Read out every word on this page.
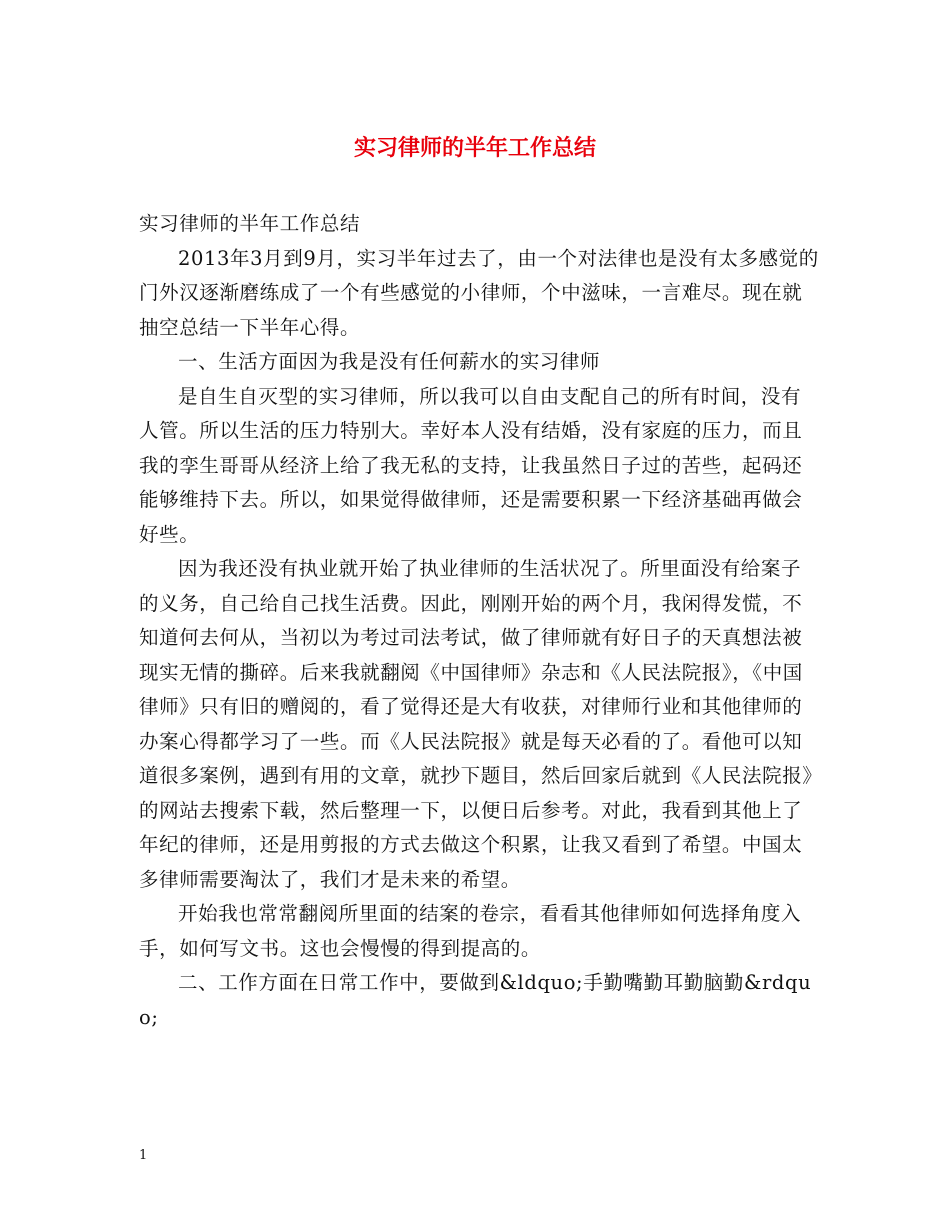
实习律师的半年工作总结

实习律师的半年工作总结

2013年3月到9月，实习半年过去了，由一个对法律也是没有太多感觉的门外汉逐渐磨练成了一个有些感觉的小律师，个中滋味，一言难尽。现在就抽空总结一下半年心得。

一、生活方面因为我是没有任何薪水的实习律师

是自生自灭型的实习律师，所以我可以自由支配自己的所有时间，没有人管。所以生活的压力特别大。幸好本人没有结婚，没有家庭的压力，而且我的孪生哥哥从经济上给了我无私的支持，让我虽然日子过的苦些，起码还能够维持下去。所以，如果觉得做律师，还是需要积累一下经济基础再做会好些。

因为我还没有执业就开始了执业律师的生活状况了。所里面没有给案子的义务，自己给自己找生活费。因此，刚刚开始的两个月，我闲得发慌，不知道何去何从，当初以为考过司法考试，做了律师就有好日子的天真想法被现实无情的撕碎。后来我就翻阅《中国律师》杂志和《人民法院报》，《中国律师》只有旧的赠阅的，看了觉得还是大有收获，对律师行业和其他律师的办案心得都学习了一些。而《人民法院报》就是每天必看的了。看他可以知道很多案例，遇到有用的文章，就抄下题目，然后回家后就到《人民法院报》的网站去搜索下载，然后整理一下，以便日后参考。对此，我看到其他上了年纪的律师，还是用剪报的方式去做这个积累，让我又看到了希望。中国太多律师需要淘汰了，我们才是未来的希望。

开始我也常常翻阅所里面的结案的卷宗，看看其他律师如何选择角度入手，如何写文书。这也会慢慢的得到提高的。

二、工作方面在日常工作中，要做到&ldquo;手勤嘴勤耳勤脑勤&rdquo;

1
